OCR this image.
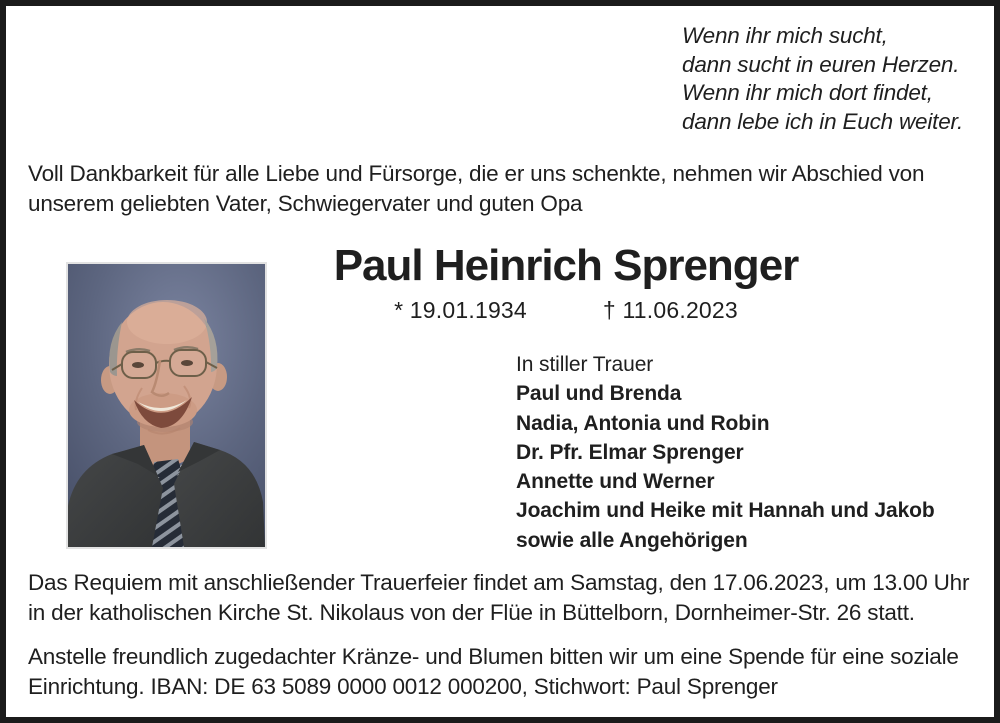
Wenn ihr mich sucht,
dann sucht in euren Herzen.
Wenn ihr mich dort findet,
dann lebe ich in Euch weiter.
Voll Dankbarkeit für alle Liebe und Fürsorge, die er uns schenkte, nehmen wir Abschied von
unserem geliebten Vater, Schwiegervater und guten Opa
Paul Heinrich Sprenger
* 19.01.1934	† 11.06.2023
In stiller Trauer
Paul und Brenda
Nadia, Antonia und Robin
Dr. Pfr. Elmar Sprenger
Annette und Werner
Joachim und Heike mit Hannah und Jakob
sowie alle Angehörigen
Das Requiem mit anschließender Trauerfeier findet am Samstag, den 17.06.2023, um 13.00 Uhr
in der katholischen Kirche St. Nikolaus von der Flüe in Büttelborn, Dornheimer-Str. 26 statt.
Anstelle freundlich zugedachter Kränze- und Blumen bitten wir um eine Spende für eine soziale
Einrichtung. IBAN: DE 63 5089 0000 0012 000200, Stichwort: Paul Sprenger
